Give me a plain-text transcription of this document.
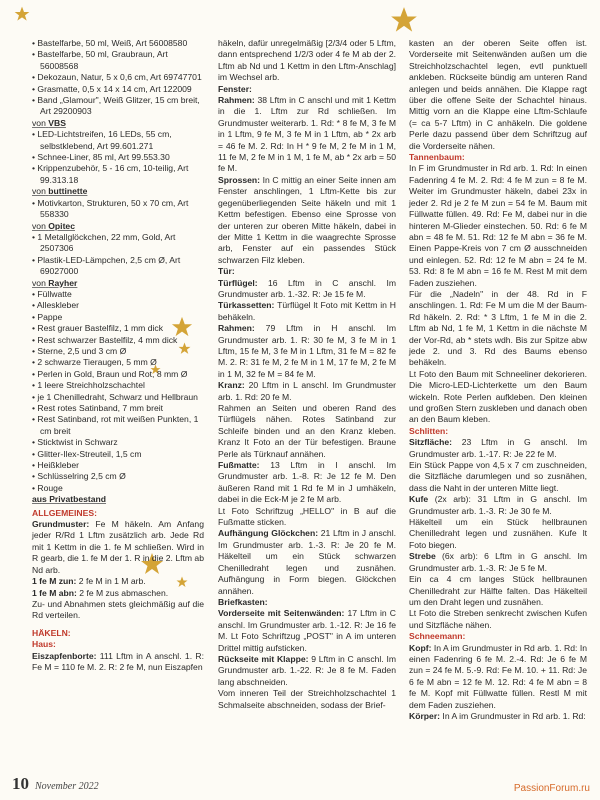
• Bastelfarbe, 50 ml, Weiß, Art 56008580

• Bastelfarbe, 50 ml, Graubraun, Art 56008568

• Dekozaun, Natur, 5 x 0,6 cm, Art 69747701

• Grasmatte, 0,5 x 14 x 14 cm, Art 122009

• Band „Glamour", Weiß Glitzer, 15 cm breit, Art 29200903

von VBS

• LED-Lichtstreifen, 16 LEDs, 55 cm, selbstklebend, Art 99.601.271

• Schnee-Liner, 85 ml, Art 99.553.30

• Krippenzubehör, 5 - 16 cm, 10-teilig, Art 99.313.18

von buttinette

• Motivkarton, Strukturen, 50 x 70 cm, Art 558330

von Opitec

• 1 Metallglöckchen, 22 mm, Gold, Art 2507306

• Plastik-LED-Lämpchen, 2,5 cm Ø, Art 69027000

von Rayher

• Füllwatte

• Alleskleber

• Pappe

• Rest grauer Bastelfilz, 1 mm dick

• Rest schwarzer Bastelfilz, 4 mm dick

• Sterne, 2,5 und 3 cm Ø

• 2 schwarze Tieraugen, 5 mm Ø

• Perlen in Gold, Braun und Rot, 8 mm Ø

• 1 leere Streichholzschachtel

• je 1 Chenilledraht, Schwarz und Hellbraun

• Rest rotes Satinband, 7 mm breit

• Rest Satinband, rot mit weißen Punkten, 1 cm breit

• Sticktwist in Schwarz

• Glitter-Ilex-Streuteil, 1,5 cm

• Heißkleber

• Schlüsselring 2,5 cm Ø

• Rouge

aus Privatbestand

ALLGEMEINES:

Grundmuster: Fe M häkeln. Am Anfang jeder R/Rd 1 Lftm zusätzlich arb. Jede Rd mit 1 Kettm in die 1. fe M schließen. Wird in R gearb, die 1. fe M der 1. R in die 2. Lftm ab Nd arb.

1 fe M zun: 2 fe M in 1 M arb.

1 fe M abn: 2 fe M zus abmaschen.

Zu- und Abnahmen stets gleichmäßig auf die Rd verteilen.

HÄKELN:

Haus:

Eiszapfenborte: 111 Lftm in A anschl. 1. R: Fe M = 110 fe M. 2. R: 2 fe M, nun Eiszapfen

häkeln, dafür unregelmäßig [2/3/4 oder 5 Lftm, dann entsprechend 1/2/3 oder 4 fe M ab der 2. Lftm ab Nd und 1 Kettm in den Lftm-Anschlag] im Wechsel arb.

Fenster:

Rahmen: 38 Lftm in C anschl und mit 1 Kettm in die 1. Lftm zur Rd schließen. Im Grundmuster weiterarb. 1. Rd: * 8 fe M, 3 fe M in 1 Lftm, 9 fe M, 3 fe M in 1 Lftm, ab * 2x arb = 46 fe M. 2. Rd: In H * 9 fe M, 2 fe M in 1 M, 11 fe M, 2 fe M in 1 M, 1 fe M, ab * 2x arb = 50 fe M.

Sprossen: In C mittig an einer Seite innen am Fenster anschlingen, 1 Lftm-Kette bis zur gegenüberliegenden Seite häkeln und mit 1 Kettm befestigen. Ebenso eine Sprosse von der unteren zur oberen Mitte häkeln, dabei in der Mitte 1 Kettm in die waagrechte Sprosse arb, Fenster auf ein passendes Stück schwarzen Filz kleben.

Tür:

Türflügel: 16 Lftm in C anschl. Im Grundmuster arb. 1.-32. R: Je 15 fe M.

Türkassetten: Türflügel lt Foto mit Kettm in H behäkeln.

Rahmen: 79 Lftm in H anschl. Im Grundmuster arb. 1. R: 30 fe M, 3 fe M in 1 Lftm, 15 fe M, 3 fe M in 1 Lftm, 31 fe M = 82 fe M. 2. R: 31 fe M, 2 fe M in 1 M, 17 fe M, 2 fe M in 1 M, 32 fe M = 84 fe M.

Kranz: 20 Lftm in L anschl. Im Grundmuster arb. 1. Rd: 20 fe M.

Rahmen an Seiten und oberen Rand des Türflügels nähen. Rotes Satinband zur Schleife binden und an den Kranz kleben. Kranz lt Foto an der Tür befestigen. Braune Perle als Türknauf annähen.

Fußmatte: 13 Lftm in I anschl. Im Grundmuster arb. 1.-8. R: Je 12 fe M. Den äußeren Rand mit 1 Rd fe M in J umhäkeln, dabei in die Eck-M je 2 fe M arb.

Lt Foto Schriftzug „HELLO" in B auf die Fußmatte sticken.

Aufhängung Glöckchen: 21 Lftm in J anschl. Im Grundmuster arb. 1.-3. R: Je 20 fe M. Häkelteil um ein Stück schwarzen Chenilledraht legen und zusnähen. Aufhängung in Form biegen. Glöckchen annähen.

Briefkasten:

Vorderseite mit Seitenwänden: 17 Lftm in C anschl. Im Grundmuster arb. 1.-12. R: Je 16 fe M. Lt Foto Schriftzug „POST" in A im unteren Drittel mittig aufsticken.

Rückseite mit Klappe: 9 Lftm in C anschl. Im Grundmuster arb. 1.-22. R: Je 8 fe M. Faden lang abschneiden.

Vom inneren Teil der Streichholzschachtel 1 Schmalseite abschneiden, sodass der Brief-

kasten an der oberen Seite offen ist. Vorderseite mit Seitenwänden außen um die Streichholzschachtel legen, evtl punktuell ankleben. Rückseite bündig am unteren Rand anlegen und beids annähen. Die Klappe ragt über die offene Seite der Schachtel hinaus. Mittig vorn an die Klappe eine Lftm-Schlaufe (= ca 5-7 Lftm) in C anhäkeln. Die goldene Perle dazu passend über dem Schriftzug auf die Vorderseite nähen.

Tannenbaum:

In F im Grundmuster in Rd arb. 1. Rd: In einen Fadenring 4 fe M. 2. Rd: 4 fe M zun = 8 fe M. Weiter im Grundmuster häkeln, dabei 23x in jeder 2. Rd je 2 fe M zun = 54 fe M. Baum mit Füllwatte füllen. 49. Rd: Fe M, dabei nur in die hinteren M-Glieder einstechen. 50. Rd: 6 fe M abn = 48 fe M. 51. Rd: 12 fe M abn = 36 fe M. Einen Pappe-Kreis von 7 cm Ø ausschneiden und einlegen. 52. Rd: 12 fe M abn = 24 fe M. 53. Rd: 8 fe M abn = 16 fe M. Rest M mit dem Faden zusziehen.

Für die „Nadeln" in der 48. Rd in F anschlingen. 1. Rd: Fe M um die M der Baum-Rd häkeln. 2. Rd: * 3 Lftm, 1 fe M in die 2. Lftm ab Nd, 1 fe M, 1 Kettm in die nächste M der Vor-Rd, ab * stets wdh. Bis zur Spitze abw jede 2. und 3. Rd des Baums ebenso behäkeln.

Lt Foto den Baum mit Schneeliner dekorieren. Die Micro-LED-Lichterkette um den Baum wickeln. Rote Perlen aufkleben. Den kleinen und großen Stern zuskleben und danach oben an den Baum kleben.

Schlitten:

Sitzfläche: 23 Lftm in G anschl. Im Grundmuster arb. 1.-17. R: Je 22 fe M.

Ein Stück Pappe von 4,5 x 7 cm zuschneiden, die Sitzfläche darumlegen und so zusnähen, dass die Naht in der unteren Mitte liegt.

Kufe (2x arb): 31 Lftm in G anschl. Im Grundmuster arb. 1.-3. R: Je 30 fe M.

Häkelteil um ein Stück hellbraunen Chenilledraht legen und zusnähen. Kufe lt Foto biegen.

Strebe (6x arb): 6 Lftm in G anschl. Im Grundmuster arb. 1.-3. R: Je 5 fe M.

Ein ca 4 cm langes Stück hellbraunen Chenilledraht zur Hälfte falten. Das Häkelteil um den Draht legen und zusnähen.

Lt Foto die Streben senkrecht zwischen Kufen und Sitzfläche nähen.

Schneemann:

Kopf: In A im Grundmuster in Rd arb. 1. Rd: In einen Fadenring 6 fe M. 2.-4. Rd: Je 6 fe M zun = 24 fe M. 5.-9. Rd: Fe M. 10. + 11. Rd: Je 6 fe M abn = 12 fe M. 12. Rd: 4 fe M abn = 8 fe M. Kopf mit Füllwatte füllen. Restl M mit dem Faden zusziehen.

Körper: In A im Grundmuster in Rd arb. 1. Rd:

10 November 2022	PassionForum.ru
